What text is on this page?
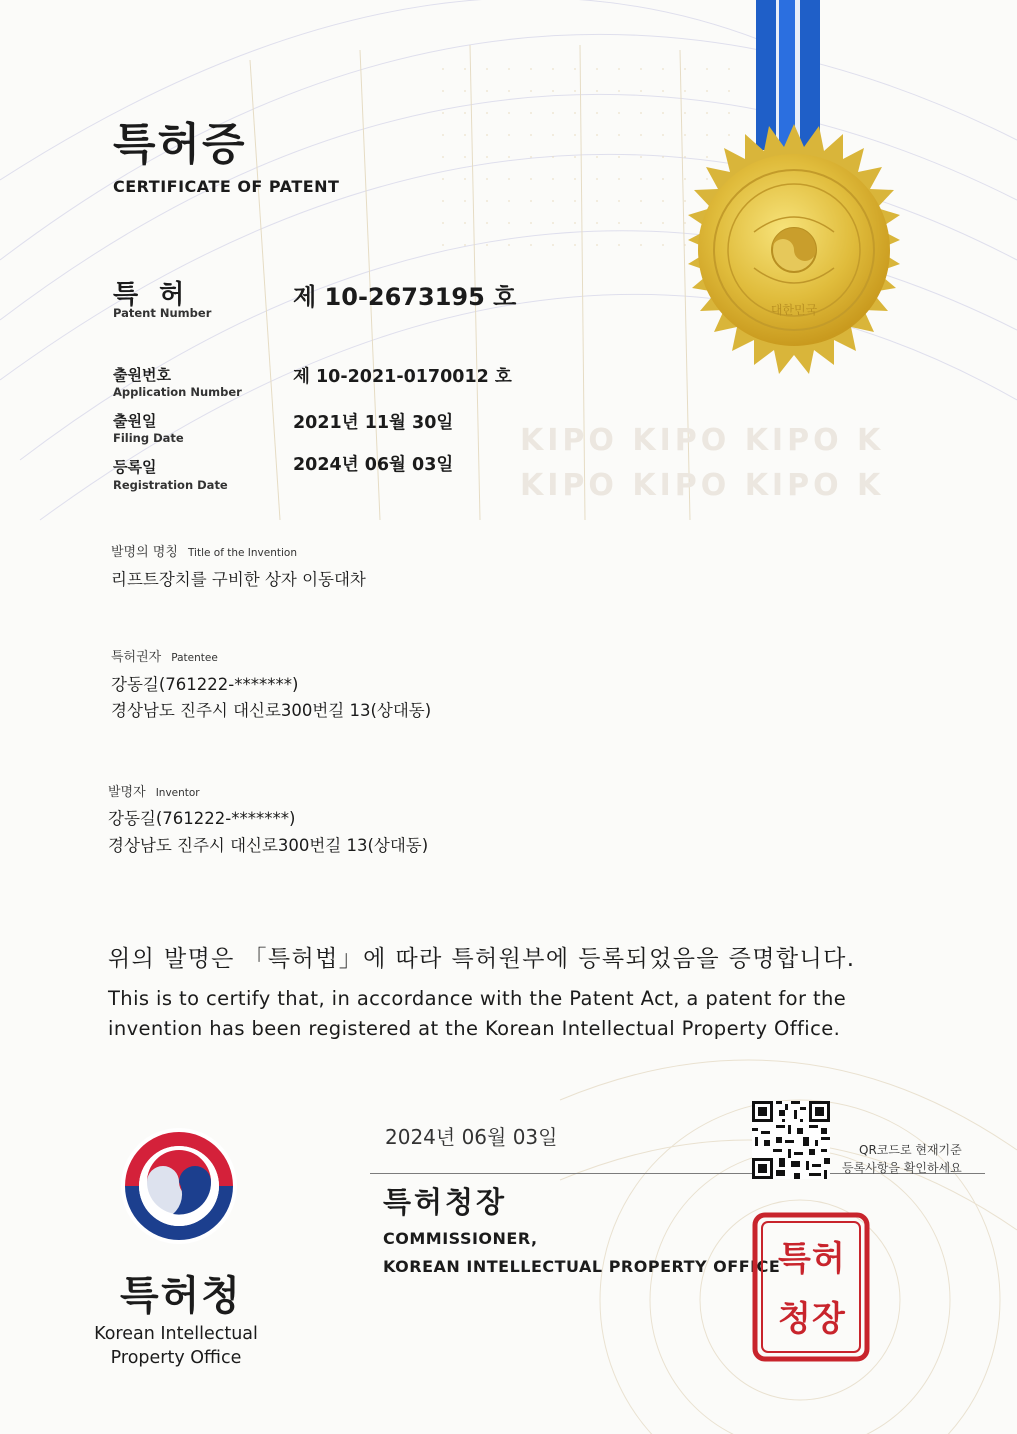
KIPO KIPO KIPO K
KIPO KIPO KIPO K
대한민국
특허증
CERTIFICATE OF PATENT
특 허
Patent Number
제 10-2673195 호
출원번호
Application Number
제 10-2021-0170012 호
출원일
Filing Date
2021년 11월 30일
등록일
Registration Date
2024년 06월 03일
발명의 명칭 Title of the Invention
리프트장치를 구비한 상자 이동대차
특허권자 Patentee
강동길(761222-*******)
경상남도 진주시 대신로300번길 13(상대동)
발명자 Inventor
강동길(761222-*******)
경상남도 진주시 대신로300번길 13(상대동)
위의 발명은 「특허법」에 따라 특허원부에 등록되었음을 증명합니다.
This is to certify that, in accordance with the Patent Act, a patent for the
invention has been registered at the Korean Intellectual Property Office.
특허청
Korean Intellectual
Property Office
2024년 06월 03일
특허청장
COMMISSIONER,
KOREAN INTELLECTUAL PROPERTY OFFICE
QR코드로 현재기준
등록사항을 확인하세요
특 허
청 장
